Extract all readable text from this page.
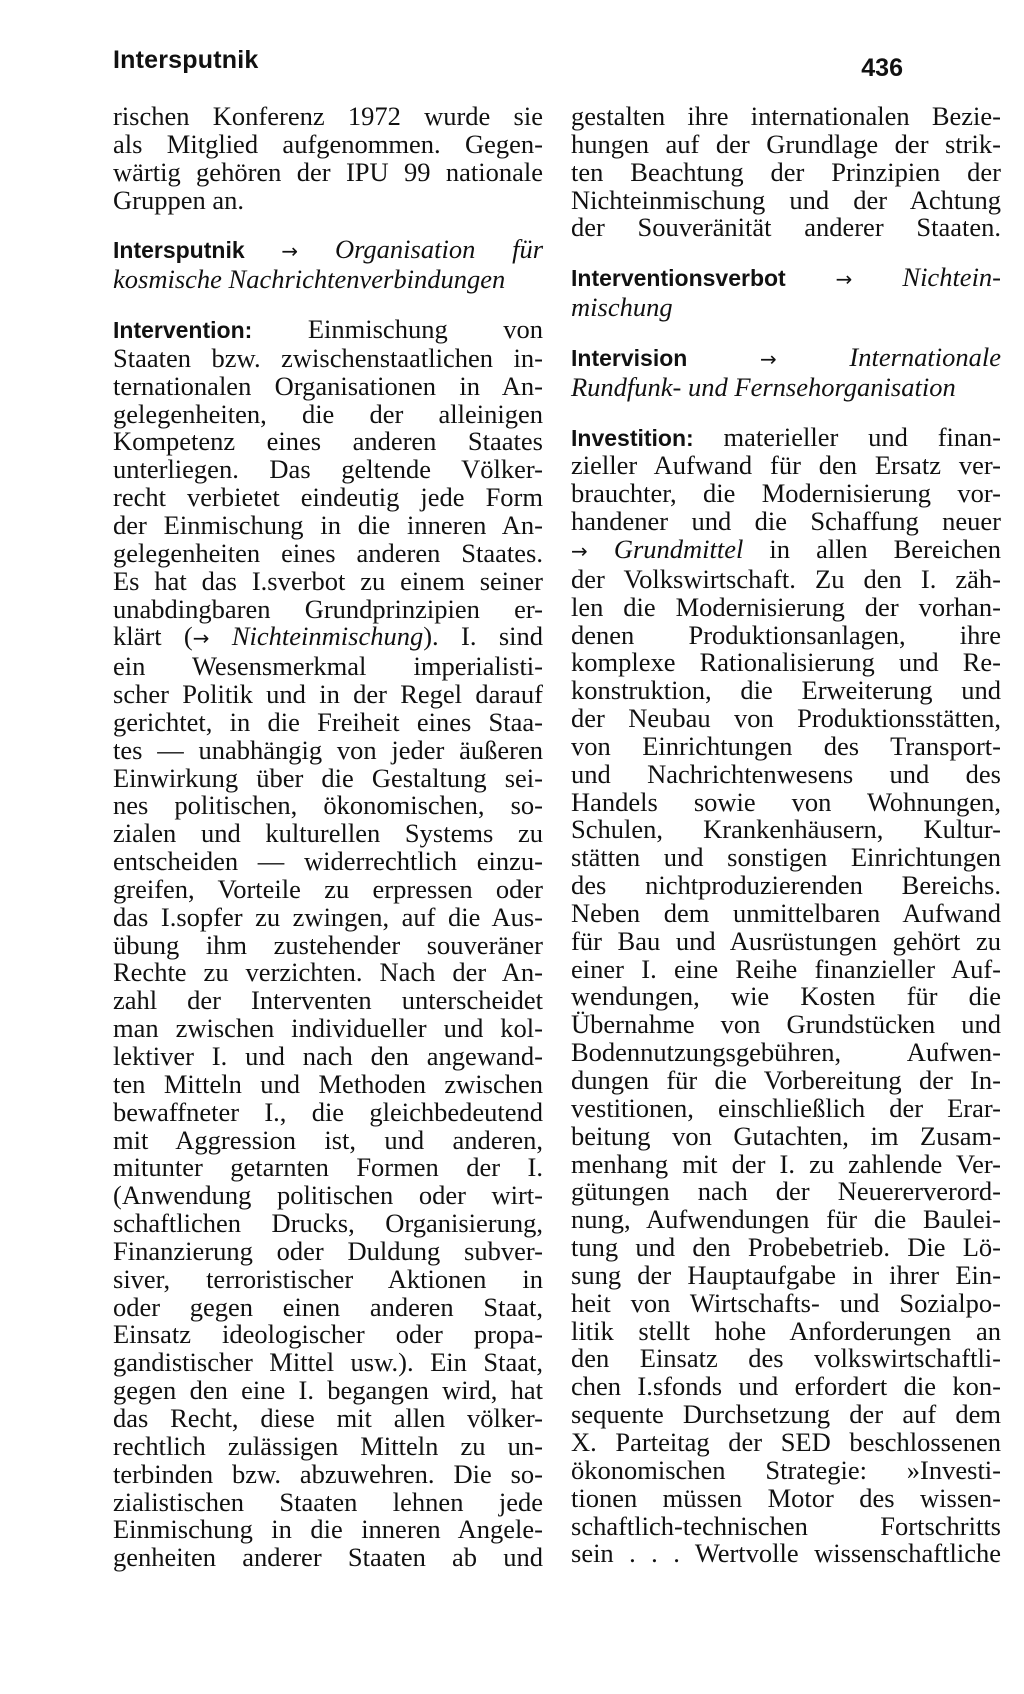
Intersputnik	436

rischen Konferenz 1972 wurde sie
als Mitglied aufgenommen. Gegen-
wärtig gehören der IPU 99 nationale
Gruppen an.

Intersputnik → Organisation für
kosmische Nachrichtenverbindungen

Intervention: Einmischung von
Staaten bzw. zwischenstaatlichen in-
ternationalen Organisationen in An-
gelegenheiten, die der alleinigen
Kompetenz eines anderen Staates
unterliegen. Das geltende Völker-
recht verbietet eindeutig jede Form
der Einmischung in die inneren An-
gelegenheiten eines anderen Staates.
Es hat das I.sverbot zu einem seiner
unabdingbaren Grundprinzipien er-
klärt (→ Nichteinmischung). I. sind
ein Wesensmerkmal imperialisti-
scher Politik und in der Regel darauf
gerichtet, in die Freiheit eines Staa-
tes — unabhängig von jeder äußeren
Einwirkung über die Gestaltung sei-
nes politischen, ökonomischen, so-
zialen und kulturellen Systems zu
entscheiden — widerrechtlich einzu-
greifen, Vorteile zu erpressen oder
das I.sopfer zu zwingen, auf die Aus-
übung ihm zustehender souveräner
Rechte zu verzichten. Nach der An-
zahl der Interventen unterscheidet
man zwischen individueller und kol-
lektiver I. und nach den angewand-
ten Mitteln und Methoden zwischen
bewaffneter I., die gleichbedeutend
mit Aggression ist, und anderen,
mitunter getarnten Formen der I.
(Anwendung politischen oder wirt-
schaftlichen Drucks, Organisierung,
Finanzierung oder Duldung subver-
siver, terroristischer Aktionen in
oder gegen einen anderen Staat,
Einsatz ideologischer oder propa-
gandistischer Mittel usw.). Ein Staat,
gegen den eine I. begangen wird, hat
das Recht, diese mit allen völker-
rechtlich zulässigen Mitteln zu un-
terbinden bzw. abzuwehren. Die so-
zialistischen Staaten lehnen jede
Einmischung in die inneren Angele-
genheiten anderer Staaten ab und

gestalten ihre internationalen Bezie-
hungen auf der Grundlage der strik-
ten Beachtung der Prinzipien der
Nichteinmischung und der Achtung
der Souveränität anderer Staaten.

Interventionsverbot → Nichtein-
mischung

Intervision	→	Internationale
Rundfunk- und Fernsehorganisation

Investition: materieller und finan-
zieller Aufwand für den Ersatz ver-
brauchter, die Modernisierung vor-
handener und die Schaffung neuer
→ Grundmittel in allen Bereichen
der Volkswirtschaft. Zu den I. zäh-
len die Modernisierung der vorhan-
denen Produktionsanlagen, ihre
komplexe Rationalisierung und Re-
konstruktion, die Erweiterung und
der Neubau von Produktionsstätten,
von Einrichtungen des Transport-
und Nachrichtenwesens und des
Handels sowie von Wohnungen,
Schulen, Krankenhäusern, Kultur-
stätten und sonstigen Einrichtungen
des nichtproduzierenden Bereichs.
Neben dem unmittelbaren Aufwand
für Bau und Ausrüstungen gehört zu
einer I. eine Reihe finanzieller Auf-
wendungen, wie Kosten für die
Übernahme von Grundstücken und
Bodennutzungsgebühren, Aufwen-
dungen für die Vorbereitung der In-
vestitionen, einschließlich der Erar-
beitung von Gutachten, im Zusam-
menhang mit der I. zu zahlende Ver-
gütungen nach der Neuererverord-
nung, Aufwendungen für die Baulei-
tung und den Probebetrieb. Die Lö-
sung der Hauptaufgabe in ihrer Ein-
heit von Wirtschafts- und Sozialpo-
litik stellt hohe Anforderungen an
den Einsatz des volkswirtschaftli-
chen I.sfonds und erfordert die kon-
sequente Durchsetzung der auf dem
X. Parteitag der SED beschlossenen
ökonomischen Strategie: »Investi-
tionen müssen Motor des wissen-
schaftlich-technischen Fortschritts
sein . . . Wertvolle wissenschaftliche
